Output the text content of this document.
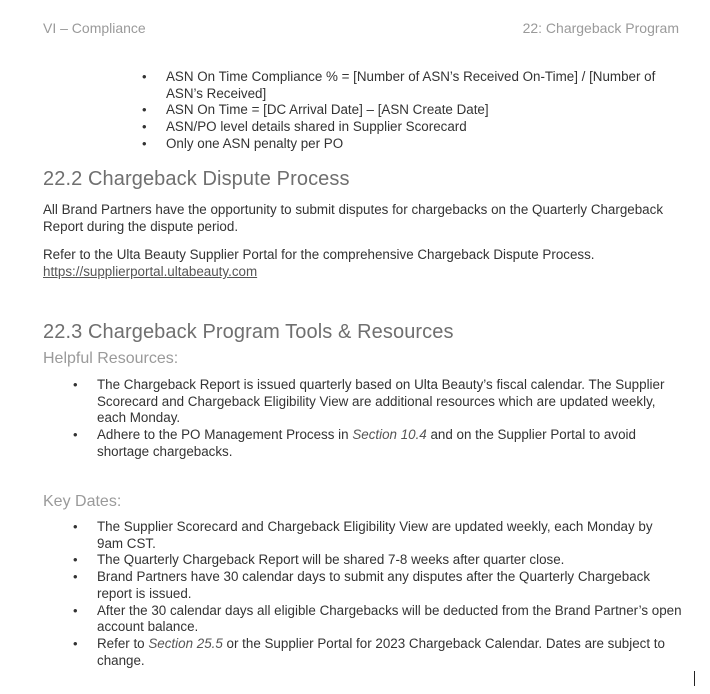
VI – Compliance	22: Chargeback Program
• ASN On Time Compliance % = [Number of ASN’s Received On-Time] / [Number of ASN’s Received]
• ASN On Time = [DC Arrival Date] – [ASN Create Date]
• ASN/PO level details shared in Supplier Scorecard
• Only one ASN penalty per PO
22.2 Chargeback Dispute Process

All Brand Partners have the opportunity to submit disputes for chargebacks on the Quarterly Chargeback Report during the dispute period.

Refer to the Ulta Beauty Supplier Portal for the comprehensive Chargeback Dispute Process.
https://supplierportal.ultabeauty.com

22.3 Chargeback Program Tools & Resources
Helpful Resources:
• The Chargeback Report is issued quarterly based on Ulta Beauty’s fiscal calendar. The Supplier Scorecard and Chargeback Eligibility View are additional resources which are updated weekly, each Monday.
• Adhere to the PO Management Process in Section 10.4 and on the Supplier Portal to avoid shortage chargebacks.
Key Dates:
• The Supplier Scorecard and Chargeback Eligibility View are updated weekly, each Monday by 9am CST.
• The Quarterly Chargeback Report will be shared 7-8 weeks after quarter close.
• Brand Partners have 30 calendar days to submit any disputes after the Quarterly Chargeback report is issued.
• After the 30 calendar days all eligible Chargebacks will be deducted from the Brand Partner’s open account balance.
• Refer to Section 25.5 or the Supplier Portal for 2023 Chargeback Calendar. Dates are subject to change.
